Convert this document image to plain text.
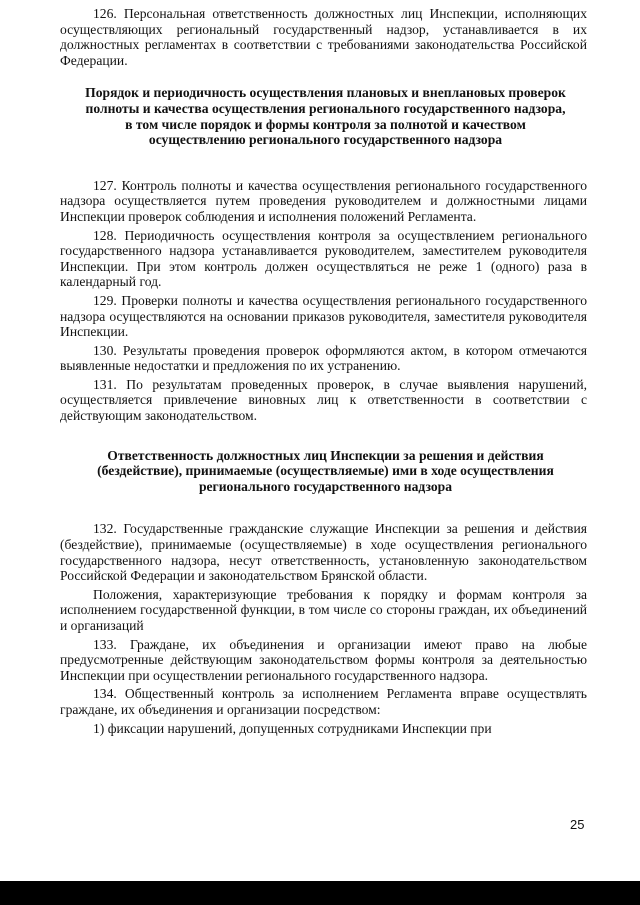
126. Персональная ответственность должностных лиц Инспекции, исполняющих осуществляющих региональный государственный надзор, устанавливается в их должностных регламентах в соответствии с требованиями законодательства Российской Федерации.

Порядок и периодичность осуществления плановых и внеплановых проверок полноты и качества осуществления регионального государственного надзора, в том числе порядок и формы контроля за полнотой и качеством осуществлению регионального государственного надзора

127. Контроль полноты и качества осуществления регионального государственного надзора осуществляется путем проведения руководителем и должностными лицами Инспекции проверок соблюдения и исполнения положений Регламента.

128. Периодичность осуществления контроля за осуществлением регионального государственного надзора устанавливается руководителем, заместителем руководителя Инспекции. При этом контроль должен осуществляться не реже 1 (одного) раза в календарный год.

129. Проверки полноты и качества осуществления регионального государственного надзора осуществляются на основании приказов руководителя, заместителя руководителя Инспекции.

130. Результаты проведения проверок оформляются актом, в котором отмечаются выявленные недостатки и предложения по их устранению.

131. По результатам проведенных проверок, в случае выявления нарушений, осуществляется привлечение виновных лиц к ответственности в соответствии с действующим законодательством.

Ответственность должностных лиц Инспекции за решения и действия (бездействие), принимаемые (осуществляемые) ими в ходе осуществления регионального государственного надзора

132. Государственные гражданские служащие Инспекции за решения и действия (бездействие), принимаемые (осуществляемые) в ходе осуществления регионального государственного надзора, несут ответственность, установленную законодательством Российской Федерации и законодательством Брянской области.

Положения, характеризующие требования к порядку и формам контроля за исполнением государственной функции, в том числе со стороны граждан, их объединений и организаций

133. Граждане, их объединения и организации имеют право на любые предусмотренные действующим законодательством формы контроля за деятельностью Инспекции при осуществлении регионального государственного надзора.

134. Общественный контроль за исполнением Регламента вправе осуществлять граждане, их объединения и организации посредством:

1) фиксации нарушений, допущенных сотрудниками Инспекции при

25
